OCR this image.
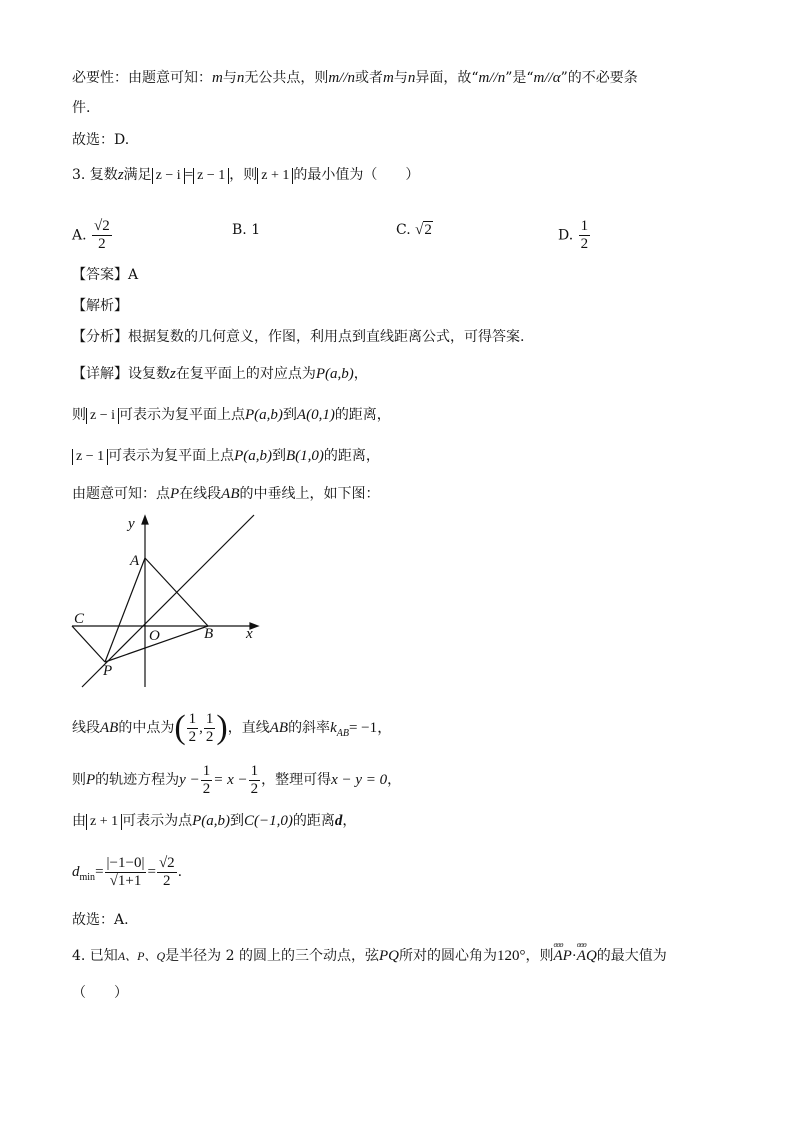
必要性：由题意可知：m与n无公共点，则m//n或者m与n异面，故“m//n”是“m//α”的不必要条
件.
故选：D.
3. 复数z满足 z − i = z − 1 ，则 z + 1 的最小值为（　　）
A. $\frac{√2}{2}$	B. 1	C. √2	D. $\frac{1}{2}$
【答案】A
【解析】
【分析】根据复数的几何意义，作图，利用点到直线距离公式，可得答案.
【详解】设复数z在复平面上的对应点为P(a,b)，
则 z − i 可表示为复平面上点P(a,b)到A(0,1)的距离，
z − 1 可表示为复平面上点P(a,b)到B(1,0)的距离，
由题意可知：点P在线段AB的中垂线上，如下图：
y
A
C
O	B x
P
线段AB的中点为( $\frac{1}{2}$ , $\frac{1}{2}$ )，直线AB的斜率$k_{AB}= -1$，
则P的轨迹方程为$y - \frac{1}{2} = x - \frac{1}{2}$ ，整理可得x − y = 0，
由 z + 1 可表示为点P(a,b)到C(−1,0)的距离d，
$d_{min}= \frac{|-1-0|}{√1+1} = \frac{√2}{2}$ .
故选：A.
4. 已知A、P、Q是半径为 2 的圆上的三个动点，弦PQ所对的圆心角为120°，则ɵɵɵ AP·ɵɵɵ AQ的最大值为
（　　）
